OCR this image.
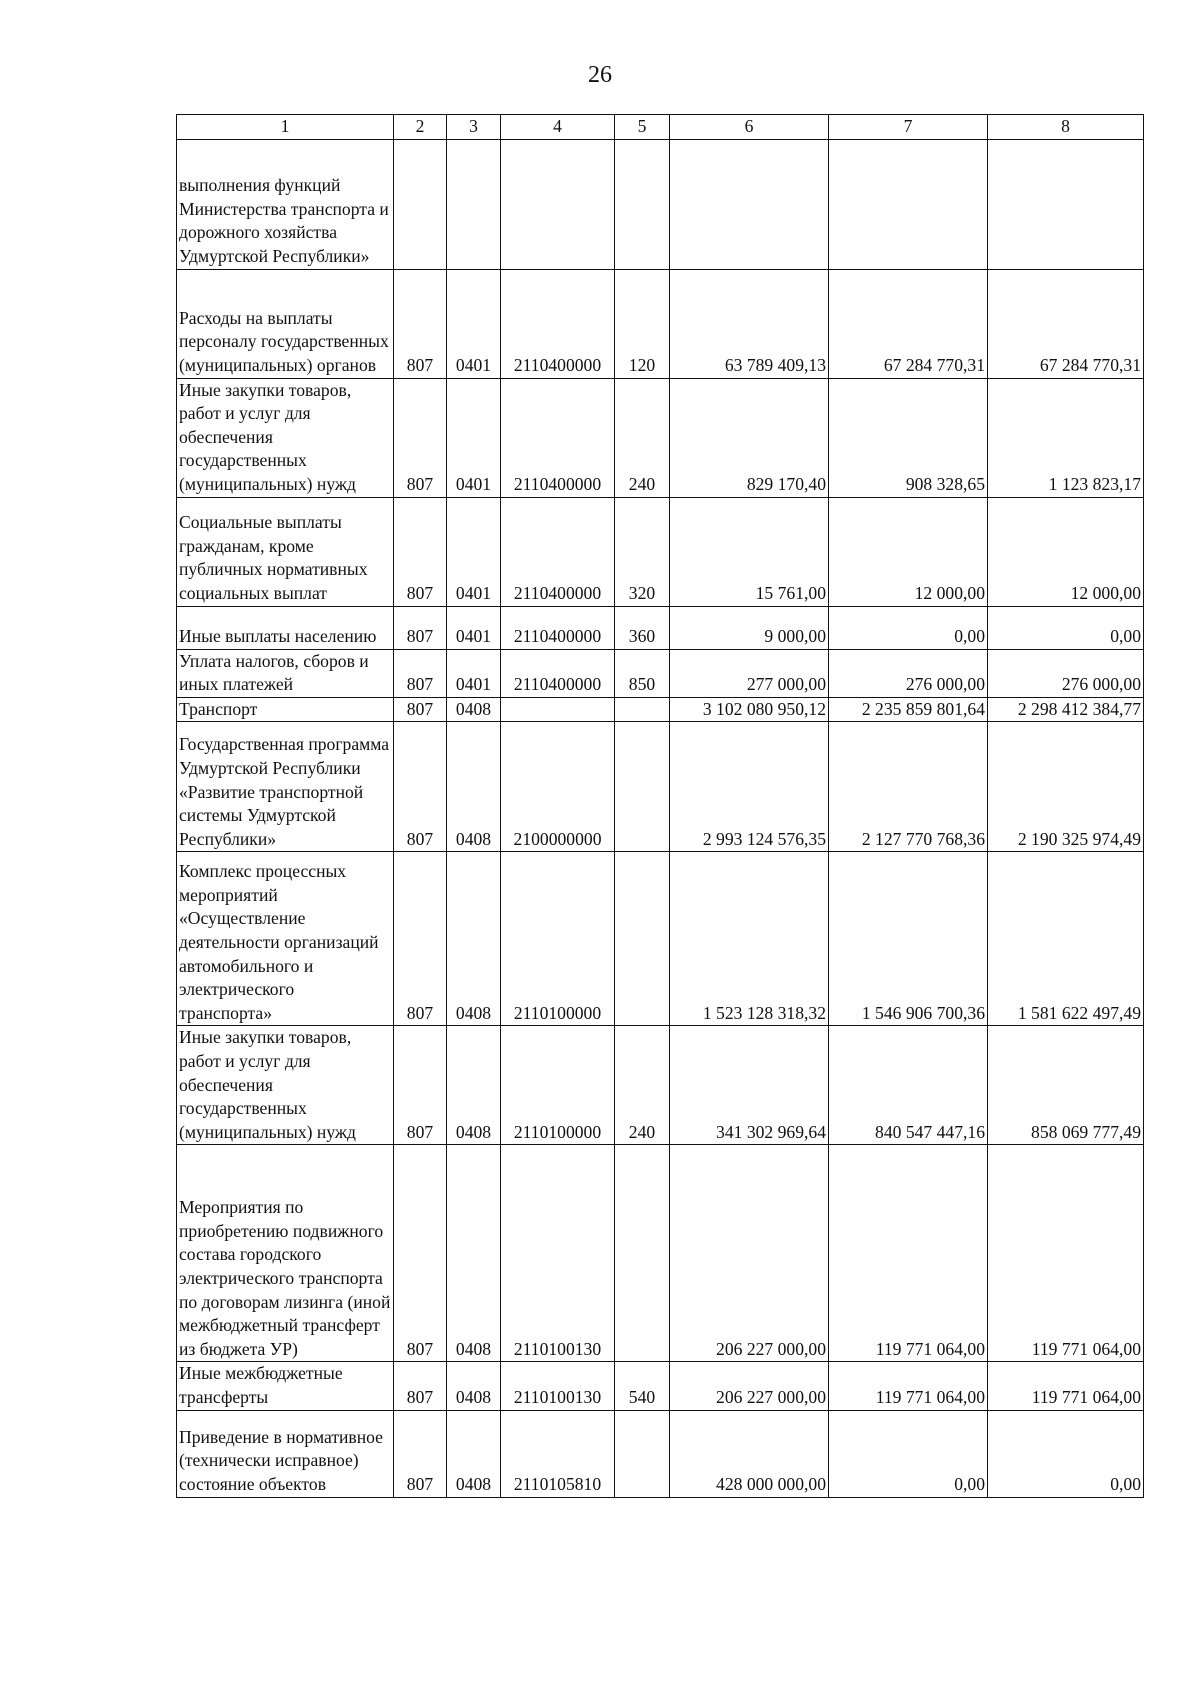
26
1	2	3	4	5	6	7	8
выполнения функций Министерства транспорта и дорожного хозяйства Удмуртской Республики»							
Расходы на выплаты персоналу государственных (муниципальных) органов	807	0401	2110400000	120	63 789 409,13	67 284 770,31	67 284 770,31
Иные закупки товаров, работ и услуг для обеспечения государственных (муниципальных) нужд	807	0401	2110400000	240	829 170,40	908 328,65	1 123 823,17
Социальные выплаты гражданам, кроме публичных нормативных социальных выплат	807	0401	2110400000	320	15 761,00	12 000,00	12 000,00
Иные выплаты населению	807	0401	2110400000	360	9 000,00	0,00	0,00
Уплата налогов, сборов и иных платежей	807	0401	2110400000	850	277 000,00	276 000,00	276 000,00
Транспорт	807	0408			3 102 080 950,12	2 235 859 801,64	2 298 412 384,77
Государственная программа Удмуртской Республики «Развитие транспортной системы Удмуртской Республики»	807	0408	2100000000		2 993 124 576,35	2 127 770 768,36	2 190 325 974,49
Комплекс процессных мероприятий «Осуществление деятельности организаций автомобильного и электрического транспорта»	807	0408	2110100000		1 523 128 318,32	1 546 906 700,36	1 581 622 497,49
Иные закупки товаров, работ и услуг для обеспечения государственных (муниципальных) нужд	807	0408	2110100000	240	341 302 969,64	840 547 447,16	858 069 777,49
Мероприятия по приобретению подвижного состава городского электрического транспорта по договорам лизинга (иной межбюджетный трансферт из бюджета УР)	807	0408	2110100130		206 227 000,00	119 771 064,00	119 771 064,00
Иные межбюджетные трансферты	807	0408	2110100130	540	206 227 000,00	119 771 064,00	119 771 064,00
Приведение в нормативное (технически исправное) состояние объектов	807	0408	2110105810		428 000 000,00	0,00	0,00
